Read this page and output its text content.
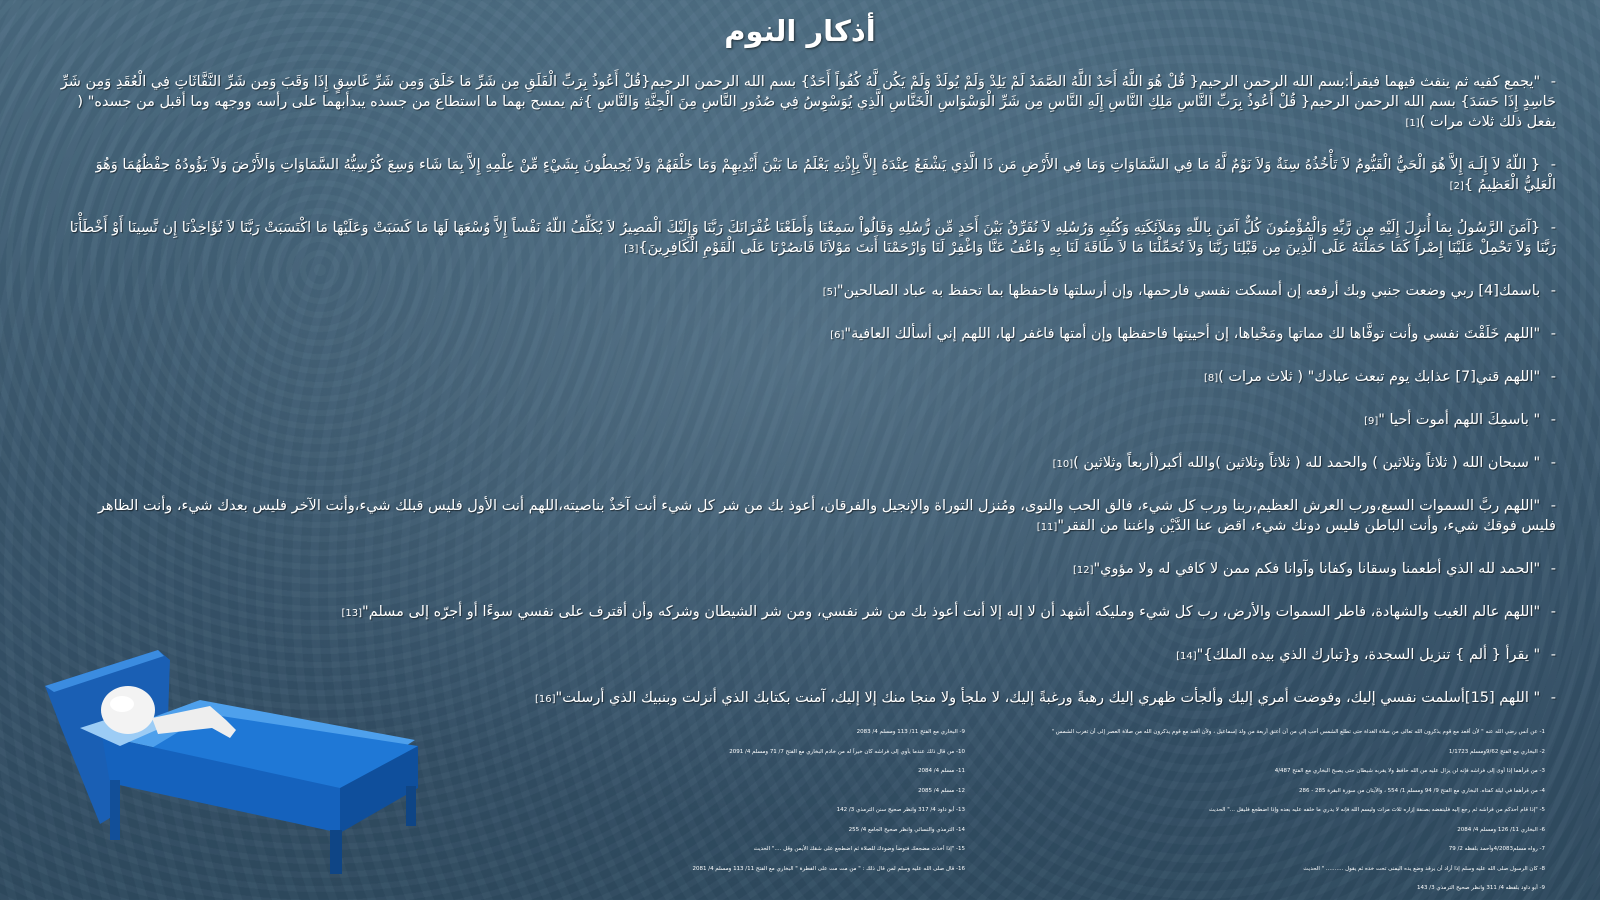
أذكار النوم
- "يجمع كفيه ثم ينفث فيهما فيقرأ:بسم الله الرحمن الرحيم{ قُلْ هُوَ اللَّهُ أَحَدٌ اللَّهُ الصَّمَدُ لَمْ يَلِدْ وَلَمْ يُولَدْ وَلَمْ يَكُن لَّهُ كُفُواً أَحَدٌ} بسم الله الرحمن الرحيم{قُلْ أَعُوذُ بِرَبِّ الْفَلَقِ مِن شَرِّ مَا خَلَقَ وَمِن شَرِّ غَاسِقٍ إِذَا وَقَبَ وَمِن شَرِّ النَّفَّاثَاتِ فِي الْعُقَدِ وَمِن شَرِّ حَاسِدٍ إِذَا حَسَدَ} بسم الله الرحمن الرحيم{ قُلْ أَعُوذُ بِرَبِّ النَّاسِ مَلِكِ النَّاسِ إِلَهِ النَّاسِ مِن شَرِّ الْوَسْوَاسِ الْخَنَّاسِ الَّذِي يُوَسْوِسُ فِي صُدُورِ النَّاسِ مِنَ الْجِنَّةِ وَالنَّاسِ }ثم يمسح بهما ما استطاع من جسده يبدأبهما على رأسه ووجهه وما أقبل من جسده" ( يفعل ذلك ثلاث مرات )[1]
- { اللّهُ لاَ إِلَـهَ إِلاَّ هُوَ الْحَيُّ الْقَيُّومُ لاَ تَأْخُذُهُ سِنَةٌ وَلاَ نَوْمٌ لَّهُ مَا فِي السَّمَاوَاتِ وَمَا فِي الأَرْضِ مَن ذَا الَّذِي يَشْفَعُ عِنْدَهُ إِلاَّ بِإِذْنِهِ يَعْلَمُ مَا بَيْنَ أَيْدِيهِمْ وَمَا خَلْفَهُمْ وَلاَ يُحِيطُونَ بِشَيْءٍ مِّنْ عِلْمِهِ إِلاَّ بِمَا شَاء وَسِعَ كُرْسِيُّهُ السَّمَاوَاتِ وَالأَرْضَ وَلاَ يَؤُودُهُ حِفْظُهُمَا وَهُوَ الْعَلِيُّ الْعَظِيمُ }[2]
- {آمَنَ الرَّسُولُ بِمَا أُنزِلَ إِلَيْهِ مِن رَّبِّهِ وَالْمُؤْمِنُونَ كُلٌّ آمَنَ بِاللّهِ وَمَلآئِكَتِهِ وَكُتُبِهِ وَرُسُلِهِ لاَ نُفَرِّقُ بَيْنَ أَحَدٍ مِّن رُّسُلِهِ وَقَالُواْ سَمِعْنَا وَأَطَعْنَا غُفْرَانَكَ رَبَّنَا وَإِلَيْكَ الْمَصِيرُ لاَ يُكَلِّفُ اللّهُ نَفْساً إِلاَّ وُسْعَهَا لَهَا مَا كَسَبَتْ وَعَلَيْهَا مَا اكْتَسَبَتْ رَبَّنَا لاَ تُؤَاخِذْنَا إِن نَّسِينَا أَوْ أَخْطَأْنَا رَبَّنَا وَلاَ تَحْمِلْ عَلَيْنَا إِصْراً كَمَا حَمَلْتَهُ عَلَى الَّذِينَ مِن قَبْلِنَا رَبَّنَا وَلاَ تُحَمِّلْنَا مَا لاَ طَاقَةَ لَنَا بِهِ وَاعْفُ عَنَّا وَاغْفِرْ لَنَا وَارْحَمْنَا أَنتَ مَوْلاَنَا فَانصُرْنَا عَلَى الْقَوْمِ الْكَافِرِينَ}[3]
- باسمك[4] ربي وضعت جنبي وبك أرفعه إن أمسكت نفسي فارحمها، وإن أرسلتها فاحفظها بما تحفظ به عباد الصالحين"[5]
- "اللهم خَلَقْتَ نفسي وأنت توفَّاها لك مماتها ومَحْياها، إن أحييتها فاحفظها وإن أمتها فاغفر لها، اللهم إني أسألك العافية"[6]
- "اللهم قني[7] عذابك يوم تبعث عبادك" ( ثلاث مرات )[8]
- " باسمِكَ اللهم أموت أحيا "[9]
- " سبحان الله ( ثلاثاً وثلاثين ) والحمد لله ( ثلاثاً وثلاثين )والله أكبر(أربعاً وثلاثين )[10]
- "اللهم ربَّ السموات السبع،ورب العرش العظيم،ربنا ورب كل شيء، فالق الحب والنوى، ومُنزل التوراة والإنجيل والفرقان، أعوذ بك من شر كل شيء أنت آخذٌ بناصيته،اللهم أنت الأول فليس قبلك شيء،وأنت الآخر فليس بعدك شيء، وأنت الظاهر فليس فوقك شيء، وأنت الباطن فليس دونك شيء، اقض عنا الدَّيْن واغننا من الفقر"[11]
- "الحمد لله الذي أطعمنا وسقانا وكفانا وآوانا فكم ممن لا كافي له ولا مؤوي"[12]
- "اللهم عالم الغيب والشهادة، فاطر السموات والأرض، رب كل شيء ومليكه أشهد أن لا إله إلا أنت أعوذ بك من شر نفسي، ومن شر الشيطان وشركه وأن أقترف على نفسي سوءًا أو أجرّه إلى مسلم"[13]
- " يقرأ { ألم } تنزيل السجدة، و{تبارك الذي بيده الملك}"[14]
- " اللهم [15]أسلمت نفسي إليك، وفوضت أمري إليك وألجأت ظهري إليك رهبةً ورغبةً إليك، لا ملجأ ولا منجا منك إلا إليك، آمنت بكتابك الذي أنزلت وبنبيك الذي أرسلت"[16]
1- عن أنس رضي الله عنه " لأن أقعد مع قوم يذكرون الله تعالى من صلاة الغداة حتى تطلع الشمس أحب إلي من أن أعتق أربعة من ولد إسماعيل ، ولأن أقعد مع قوم يذكرون الله من صلاة العصر إلى أن تغرب الشمس "
2- البخاري مع الفتح 9/62ومسلم 1/1723
3- من قرأهما إذا أوى إلى فراشه فإنه لن يزال عليه من الله حافظ ولا يقربه شيطان حتى يصبح البخاري مع الفتح 4/487
4- من قرأهما في ليلة كفتاه. البخاري مع الفتح 9/ 94 ومسلم 1/ 554 ، والآيتان من سورة البقرة 285 - 286
5- "إذا قام أحدكم من فراشه ثم رجع إليه فلينفضه بصنفة إزاره ثلاث مرات وليسم الله فإنه لا يدري ما خلفه عليه بعده وإذا اضطجع فليقل ..." الحديث
6- البخاري 11/ 126 ومسلم 4/ 2084
7- رواه مسلم4/2083وأحمد بلفظه 2/ 79
8- كان الرسول صلى الله عليه وسلم إذا أراد أن يرقد وضع يده اليمنى تحت خده ثم يقول .......... " الحديث
9- أبو داود بلفظه 4/ 311 وانظر صحيح الترمذي 3/ 143
9- البخاري مع الفتح 11/ 113 ومسلم 4/ 2083
10- من قال ذلك عندما يأوي إلى فراشه كان خيراً له من خادم البخاري مع الفتح 7/ 71 ومسلم 4/ 2091
11- مسلم 4/ 2084
12- مسلم 4/ 2085
13- أبو داود 4/ 317 وانظر صحيح سنن الترمذي 3/ 142
14- الترمذي والنسائي وانظر صحيح الجامع 4/ 255
15- "إذا أخذت مضجعك فتوضأ وضوءك للصلاة ثم اضطجع على شقك الأيمن وقل ...." الحديث
16- قال صلى الله عليه وسلم لمن قال ذلك : " من مت مت على الفطرة " البخاري مع الفتح 11/ 113 ومسلم 4/ 2081
